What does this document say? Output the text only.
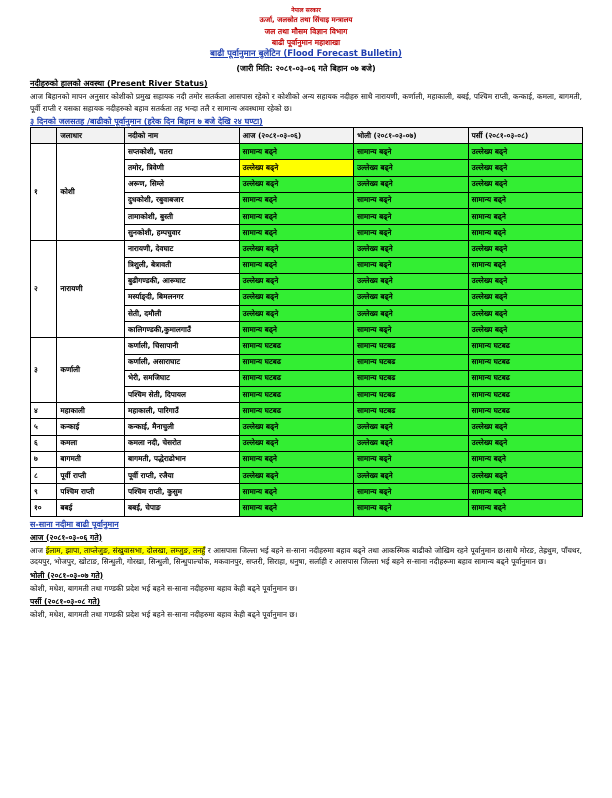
नेपाल सरकार
ऊर्जा, जलस्रोत तथा सिंचाइ मन्त्रालय
जल तथा मौसम विज्ञान विभाग
बाढी पूर्वानुमान महाशाखा
बाढी पूर्वानुमान बुलेटिन (Flood Forecast Bulletin)
(जारी मिति: २०८१-०३-०६ गते बिहान ०७ बजे)
नदीहरुको हालको अवस्था (Present River Status)
आज बिहानको मापन अनुसार कोशीको प्रमुख सहायक नदी तमोर सतर्कता आसपास रहेको र कोशीको अन्य सहायक नदीहरु साथै नारायणी, कर्णाली, महाकाली, बबई, पश्चिम राप्ती, कन्काई, कमला, बागमती, पूर्वी राप्ती र यसका सहायक नदीहरुको बहाव सतर्कता तह भन्दा तलै र सामान्य अवस्थामा रहेको छ।
३ दिनको जलसतह /बाढीको पूर्वानुमान (हरेक दिन बिहान ७ बजे देखि २४ घण्टा)
	जलाधार	नदीको नाम	आज (२०८१-०३-०६)	भोली (२०८१-०३-०७)	पर्सी (२०८१-०३-०८)
१	कोशी	सप्तकोशी, चतरा	सामान्य बढ्ने	सामान्य बढ्ने	उल्लेख्य बढ्ने
		तमोर, त्रिवेणी	उल्लेख्य बढ्ने	उल्लेख्य बढ्ने	उल्लेख्य बढ्ने
		अरूण, सिम्ले	उल्लेख्य बढ्ने	उल्लेख्य बढ्ने	उल्लेख्य बढ्ने
		दुधकोशी, रबुवाबजार	सामान्य बढ्ने	सामान्य बढ्ने	सामान्य बढ्ने
		तामाकोशी, बुस्ती	सामान्य बढ्ने	सामान्य बढ्ने	सामान्य बढ्ने
		सुनकोशी, हम्पचुवार	सामान्य बढ्ने	सामान्य बढ्ने	सामान्य बढ्ने
२	नारायणी	नारायणी, देवघाट	उल्लेख्य बढ्ने	उल्लेख्य बढ्ने	उल्लेख्य बढ्ने
		त्रिशुली, बेत्रावती	सामान्य बढ्ने	सामान्य बढ्ने	सामान्य बढ्ने
		बुढीगण्डकी, आरूघाट	उल्लेख्य बढ्ने	उल्लेख्य बढ्ने	उल्लेख्य बढ्ने
		मर्स्याङ्दी, बिमलनगर	उल्लेख्य बढ्ने	उल्लेख्य बढ्ने	उल्लेख्य बढ्ने
		सेती, दमौली	उल्लेख्य बढ्ने	उल्लेख्य बढ्ने	उल्लेख्य बढ्ने
		कालिगण्डकी,कुमालगाउँ	सामान्य बढ्ने	सामान्य बढ्ने	उल्लेख्य बढ्ने
३	कर्णाली	कर्णाली, चिसापानी	सामान्य घटबढ	सामान्य घटबढ	सामान्य घटबढ
		कर्णाली, असाराघाट	सामान्य घटबढ	सामान्य घटबढ	सामान्य घटबढ
		भेरी, समजिघाट	सामान्य घटबढ	सामान्य घटबढ	सामान्य घटबढ
		पश्चिम सेती, दिपायल	सामान्य घटबढ	सामान्य घटबढ	सामान्य घटबढ
४	महाकाली	महाकाली, पारिगाउँ	सामान्य घटबढ	सामान्य घटबढ	सामान्य घटबढ
५	कन्काई	कन्काई, मैनाचुली	उल्लेख्य बढ्ने	उल्लेख्य बढ्ने	उल्लेख्य बढ्ने
६	कमला	कमला नदी, चेसरोत	उल्लेख्य बढ्ने	उल्लेख्य बढ्ने	उल्लेख्य बढ्ने
७	बागमती	बागमती, पद्धेराढोभान	सामान्य बढ्ने	सामान्य बढ्ने	सामान्य बढ्ने
८	पूर्वी राप्ती	पूर्वी राप्ती, रजैया	उल्लेख्य बढ्ने	उल्लेख्य बढ्ने	उल्लेख्य बढ्ने
९	पश्चिम राप्ती	पश्चिम राप्ती, कुसुम	सामान्य बढ्ने	सामान्य बढ्ने	सामान्य बढ्ने
१०	बबई	बबई, चेपाङ	सामान्य बढ्ने	सामान्य बढ्ने	सामान्य बढ्ने
स-साना नदीमा बाढी पूर्वानुमान
आज (२०८१-०३-०६ गते)
आज ईलाम, झापा, ताप्लेजुङ, संखुवासभा, दोलखा, लम्जुङ, तनहुँ र आसपास जिल्ला भई बहने स-साना नदीहरुमा बहाव बढ्ने तथा आकस्मिक बाढीको जोखिम रहने पूर्वानुमान छ।साथै मोरङ, तेह्रथुम, पाँचथर, उदयपुर, भोजपुर, खोटाङ, सिन्धुली, गोरखा, सिन्धुली, सिन्धुपाल्चोक, मकवानपुर, सप्तरी, सिराहा, धनुषा, सर्लाही र आसपास जिल्ला भई बहने स-साना नदीहरूमा बहाव सामान्य बढ्ने पूर्वानुमान छ।
भोली (२०८१-०३-०७ गते)
कोशी, मधेश, बागमती तथा गण्डकी प्रदेश भई बहने स-साना नदीहरुमा बहाव केही बढ्ने पूर्वानुमान छ।
पर्सी (२०८१-०३-०८ गते)
कोशी, मधेश, बागमती तथा गण्डकी प्रदेश भई बहने स-साना नदीहरुमा बहाव केही बढ्ने पूर्वानुमान छ।
